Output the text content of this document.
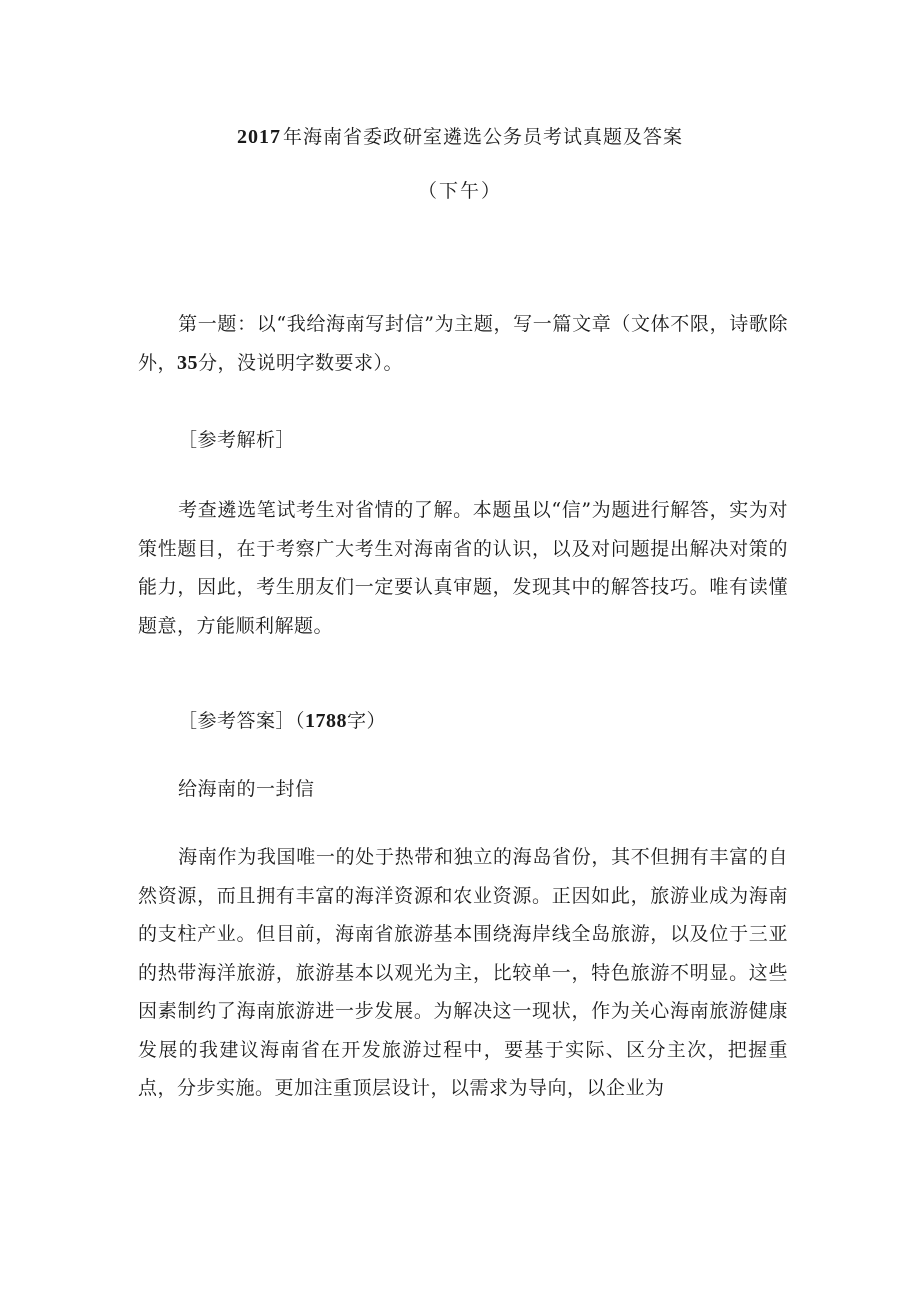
2017 年海南省委政研室遴选公务员考试真题及答案
（下午）
第一题：以“我给海南写封信”为主题，写一篇文章（文体不限，诗歌除外，35分，没说明字数要求）。
［参考解析］
考查遴选笔试考生对省情的了解。本题虽以“信”为题进行解答，实为对策性题目，在于考察广大考生对海南省的认识，以及对问题提出解决对策的能力，因此，考生朋友们一定要认真审题，发现其中的解答技巧。唯有读懂题意，方能顺利解题。
［参考答案］（1788字）
给海南的一封信
海南作为我国唯一的处于热带和独立的海岛省份，其不但拥有丰富的自然资源，而且拥有丰富的海洋资源和农业资源。正因如此，旅游业成为海南的支柱产业。但目前，海南省旅游基本围绕海岸线全岛旅游，以及位于三亚的热带海洋旅游，旅游基本以观光为主，比较单一，特色旅游不明显。这些因素制约了海南旅游进一步发展。为解决这一现状，作为关心海南旅游健康发展的我建议海南省在开发旅游过程中，要基于实际、区分主次，把握重点，分步实施。更加注重顶层设计，以需求为导向，以企业为
